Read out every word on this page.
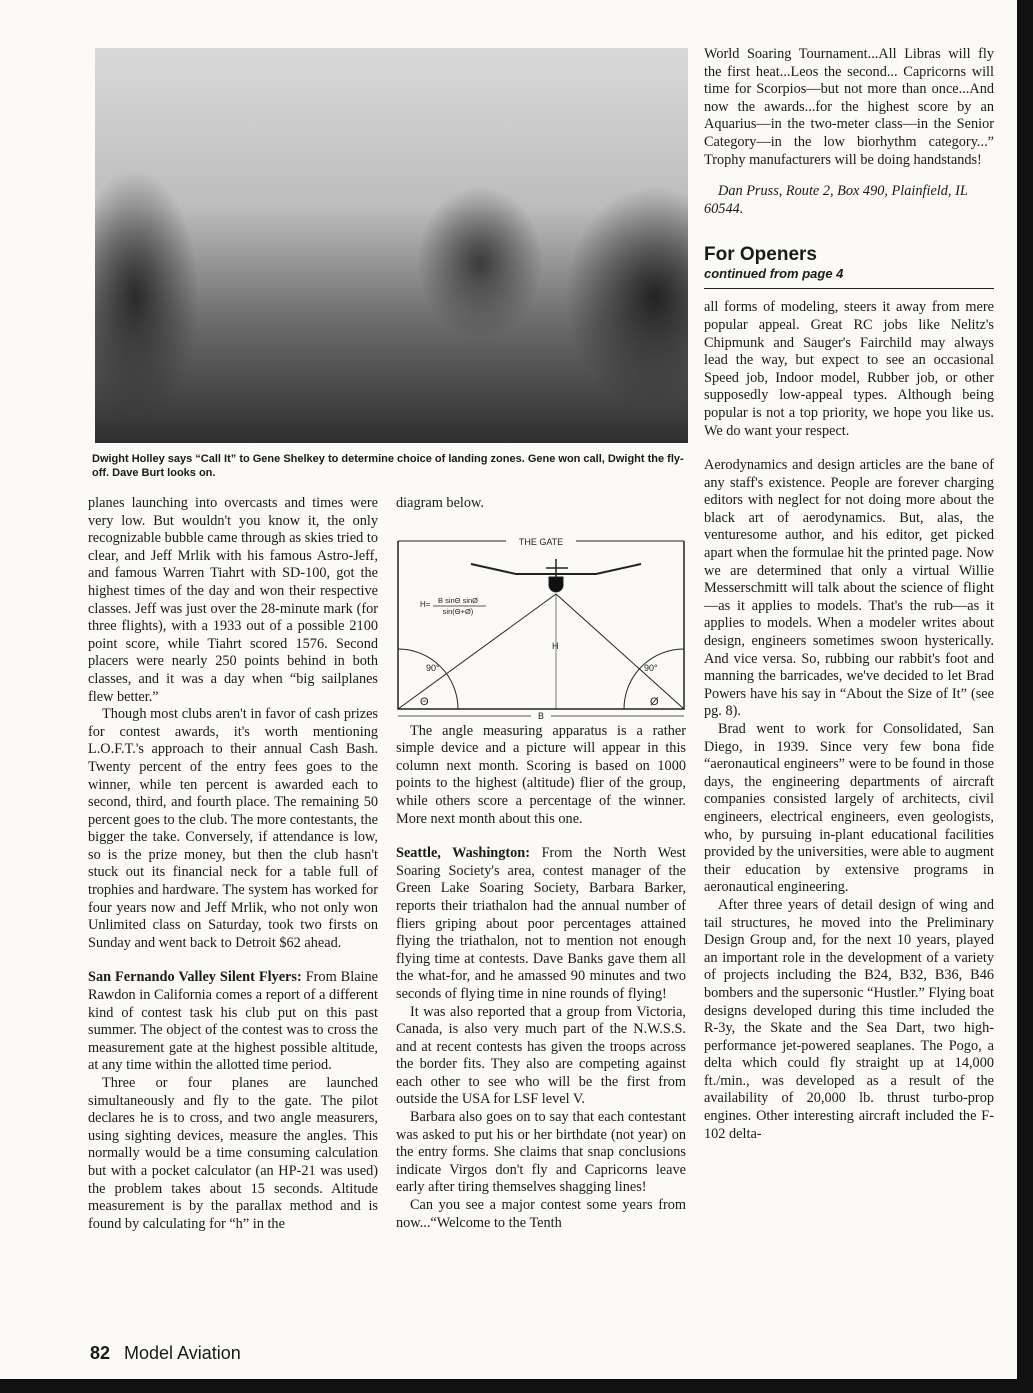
Dwight Holley says “Call It” to Gene Shelkey to determine choice of landing zones. Gene won call, Dwight the fly-off. Dave Burt looks on.

planes launching into overcasts and times were very low. But wouldn't you know it, the only recognizable bubble came through as skies tried to clear, and Jeff Mrlik with his famous Astro-Jeff, and famous Warren Tiahrt with SD-100, got the highest times of the day and won their respective classes. Jeff was just over the 28-minute mark (for three flights), with a 1933 out of a possible 2100 point score, while Tiahrt scored 1576. Second placers were nearly 250 points behind in both classes, and it was a day when “big sailplanes flew better.”

Though most clubs aren't in favor of cash prizes for contest awards, it's worth mentioning L.O.F.T.'s approach to their annual Cash Bash. Twenty percent of the entry fees goes to the winner, while ten percent is awarded each to second, third, and fourth place. The remaining 50 percent goes to the club. The more contestants, the bigger the take. Conversely, if attendance is low, so is the prize money, but then the club hasn't stuck out its financial neck for a table full of trophies and hardware. The system has worked for four years now and Jeff Mrlik, who not only won Unlimited class on Saturday, took two firsts on Sunday and went back to Detroit $62 ahead.

San Fernando Valley Silent Flyers: From Blaine Rawdon in California comes a report of a different kind of contest task his club put on this past summer. The object of the contest was to cross the measurement gate at the highest possible altitude, at any time within the allotted time period.

Three or four planes are launched simultaneously and fly to the gate. The pilot declares he is to cross, and two angle measurers, using sighting devices, measure the angles. This normally would be a time consuming calculation but with a pocket calculator (an HP-21 was used) the problem takes about 15 seconds. Altitude measurement is by the parallax method and is found by calculating for “h” in the

diagram below.

THE GATE
H= B sinΘ sinØ
sin(Θ+Ø)
H
90°	90°
Θ	Ø
B

The angle measuring apparatus is a rather simple device and a picture will appear in this column next month. Scoring is based on 1000 points to the highest (altitude) flier of the group, while others score a percentage of the winner. More next month about this one.

Seattle, Washington: From the North West Soaring Society's area, contest manager of the Green Lake Soaring Society, Barbara Barker, reports their triathalon had the annual number of fliers griping about poor percentages attained flying the triathalon, not to mention not enough flying time at contests. Dave Banks gave them all the what-for, and he amassed 90 minutes and two seconds of flying time in nine rounds of flying!

It was also reported that a group from Victoria, Canada, is also very much part of the N.W.S.S. and at recent contests has given the troops across the border fits. They also are competing against each other to see who will be the first from outside the USA for LSF level V.

Barbara also goes on to say that each contestant was asked to put his or her birthdate (not year) on the entry forms. She claims that snap conclusions indicate Virgos don't fly and Capricorns leave early after tiring themselves shagging lines!

Can you see a major contest some years from now...“Welcome to the Tenth

World Soaring Tournament...All Libras will fly the first heat...Leos the second... Capricorns will time for Scorpios—but not more than once...And now the awards...for the highest score by an Aquarius—in the two-meter class—in the Senior Category—in the low biorhythm category...” Trophy manufacturers will be doing handstands!

Dan Pruss, Route 2, Box 490, Plainfield, IL 60544.

For Openers
continued from page 4

all forms of modeling, steers it away from mere popular appeal. Great RC jobs like Nelitz's Chipmunk and Sauger's Fairchild may always lead the way, but expect to see an occasional Speed job, Indoor model, Rubber job, or other supposedly low-appeal types. Although being popular is not a top priority, we hope you like us. We do want your respect.

Aerodynamics and design articles are the bane of any staff's existence. People are forever charging editors with neglect for not doing more about the black art of aerodynamics. But, alas, the venturesome author, and his editor, get picked apart when the formulae hit the printed page. Now we are determined that only a virtual Willie Messerschmitt will talk about the science of flight—as it applies to models. That's the rub—as it applies to models. When a modeler writes about design, engineers sometimes swoon hysterically. And vice versa. So, rubbing our rabbit's foot and manning the barricades, we've decided to let Brad Powers have his say in “About the Size of It” (see pg. 8).

Brad went to work for Consolidated, San Diego, in 1939. Since very few bona fide “aeronautical engineers” were to be found in those days, the engineering departments of aircraft companies consisted largely of architects, civil engineers, electrical engineers, even geologists, who, by pursuing in-plant educational facilities provided by the universities, were able to augment their education by extensive programs in aeronautical engineering.

After three years of detail design of wing and tail structures, he moved into the Preliminary Design Group and, for the next 10 years, played an important role in the development of a variety of projects including the B24, B32, B36, B46 bombers and the supersonic “Hustler.” Flying boat designs developed during this time included the R-3y, the Skate and the Sea Dart, two high-performance jet-powered seaplanes. The Pogo, a delta which could fly straight up at 14,000 ft./min., was developed as a result of the availability of 20,000 lb. thrust turbo-prop engines. Other interesting aircraft included the F-102 delta-

82 Model Aviation
